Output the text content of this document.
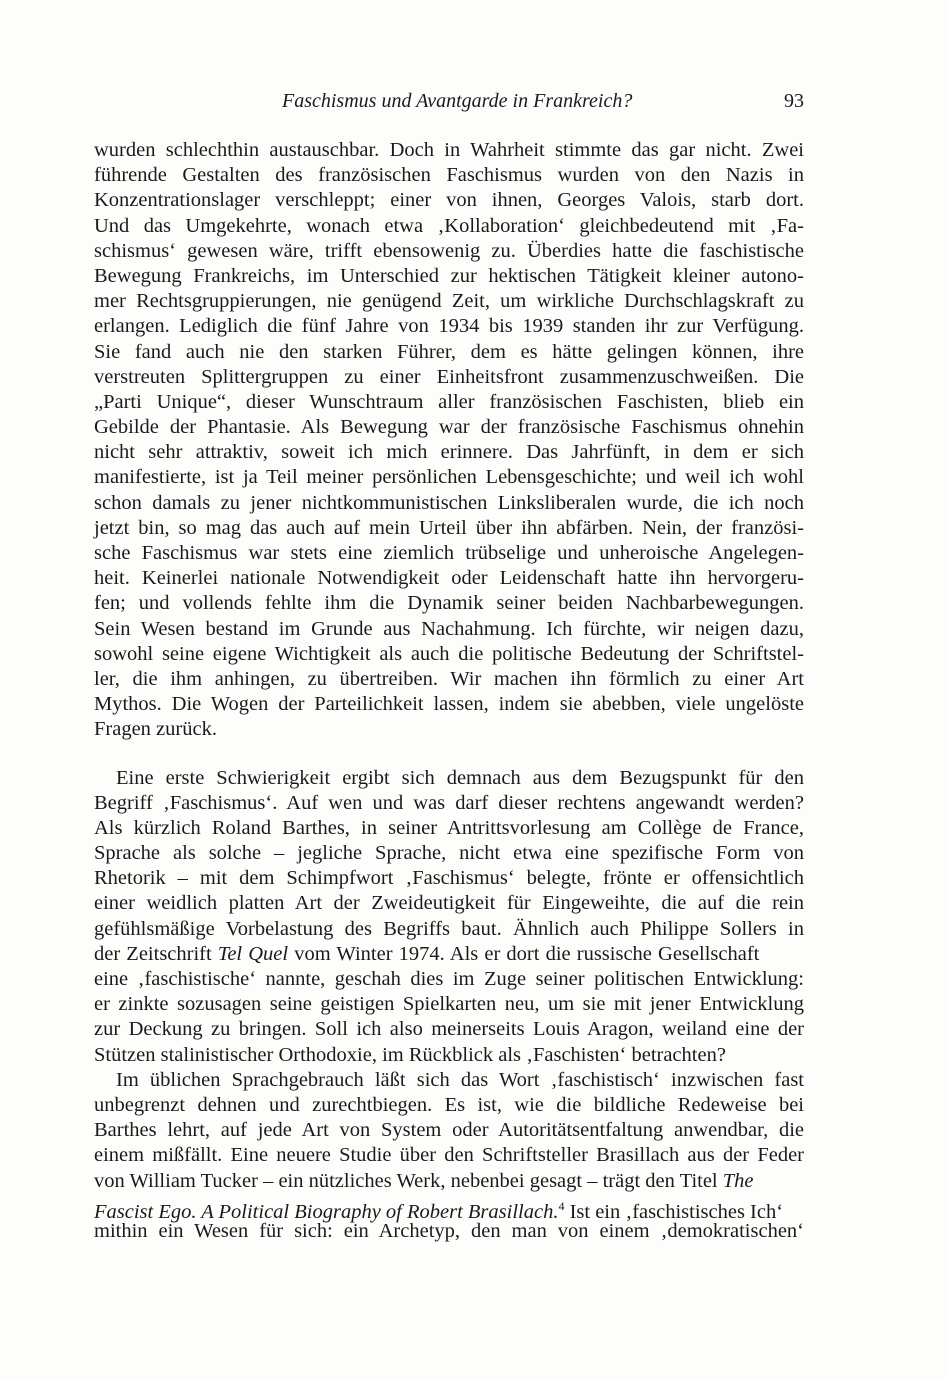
Faschismus und Avantgarde in Frankreich?	93
wurden schlechthin austauschbar. Doch in Wahrheit stimmte das gar nicht. Zwei
führende Gestalten des französischen Faschismus wurden von den Nazis in
Konzentrationslager verschleppt; einer von ihnen, Georges Valois, starb dort.
Und das Umgekehrte, wonach etwa ‚Kollaboration‘ gleichbedeutend mit ‚Fa-
schismus‘ gewesen wäre, trifft ebensowenig zu. Überdies hatte die faschistische
Bewegung Frankreichs, im Unterschied zur hektischen Tätigkeit kleiner autono-
mer Rechtsgruppierungen, nie genügend Zeit, um wirkliche Durchschlagskraft zu
erlangen. Lediglich die fünf Jahre von 1934 bis 1939 standen ihr zur Verfügung.
Sie fand auch nie den starken Führer, dem es hätte gelingen können, ihre
verstreuten Splittergruppen zu einer Einheitsfront zusammenzuschweißen. Die
„Parti Unique“, dieser Wunschtraum aller französischen Faschisten, blieb ein
Gebilde der Phantasie. Als Bewegung war der französische Faschismus ohnehin
nicht sehr attraktiv, soweit ich mich erinnere. Das Jahrfünft, in dem er sich
manifestierte, ist ja Teil meiner persönlichen Lebensgeschichte; und weil ich wohl
schon damals zu jener nichtkommunistischen Linksliberalen wurde, die ich noch
jetzt bin, so mag das auch auf mein Urteil über ihn abfärben. Nein, der französi-
sche Faschismus war stets eine ziemlich trübselige und unheroische Angelegen-
heit. Keinerlei nationale Notwendigkeit oder Leidenschaft hatte ihn hervorgeru-
fen; und vollends fehlte ihm die Dynamik seiner beiden Nachbarbewegungen.
Sein Wesen bestand im Grunde aus Nachahmung. Ich fürchte, wir neigen dazu,
sowohl seine eigene Wichtigkeit als auch die politische Bedeutung der Schriftstel-
ler, die ihm anhingen, zu übertreiben. Wir machen ihn förmlich zu einer Art
Mythos. Die Wogen der Parteilichkeit lassen, indem sie abebben, viele ungelöste
Fragen zurück.
Eine erste Schwierigkeit ergibt sich demnach aus dem Bezugspunkt für den
Begriff ‚Faschismus‘. Auf wen und was darf dieser rechtens angewandt werden?
Als kürzlich Roland Barthes, in seiner Antrittsvorlesung am Collège de France,
Sprache als solche – jegliche Sprache, nicht etwa eine spezifische Form von
Rhetorik – mit dem Schimpfwort ‚Faschismus‘ belegte, frönte er offensichtlich
einer weidlich platten Art der Zweideutigkeit für Eingeweihte, die auf die rein
gefühlsmäßige Vorbelastung des Begriffs baut. Ähnlich auch Philippe Sollers in
der Zeitschrift Tel Quel vom Winter 1974. Als er dort die russische Gesellschaft
eine ‚faschistische‘ nannte, geschah dies im Zuge seiner politischen Entwicklung:
er zinkte sozusagen seine geistigen Spielkarten neu, um sie mit jener Entwicklung
zur Deckung zu bringen. Soll ich also meinerseits Louis Aragon, weiland eine der
Stützen stalinistischer Orthodoxie, im Rückblick als ‚Faschisten‘ betrachten?
Im üblichen Sprachgebrauch läßt sich das Wort ‚faschistisch‘ inzwischen fast
unbegrenzt dehnen und zurechtbiegen. Es ist, wie die bildliche Redeweise bei
Barthes lehrt, auf jede Art von System oder Autoritätsentfaltung anwendbar, die
einem mißfällt. Eine neuere Studie über den Schriftsteller Brasillach aus der Feder
von William Tucker – ein nützliches Werk, nebenbei gesagt – trägt den Titel The
Fascist Ego. A Political Biography of Robert Brasillach.$^4$ Ist ein ‚faschistisches Ich‘
mithin ein Wesen für sich: ein Archetyp, den man von einem ‚demokratischen‘
